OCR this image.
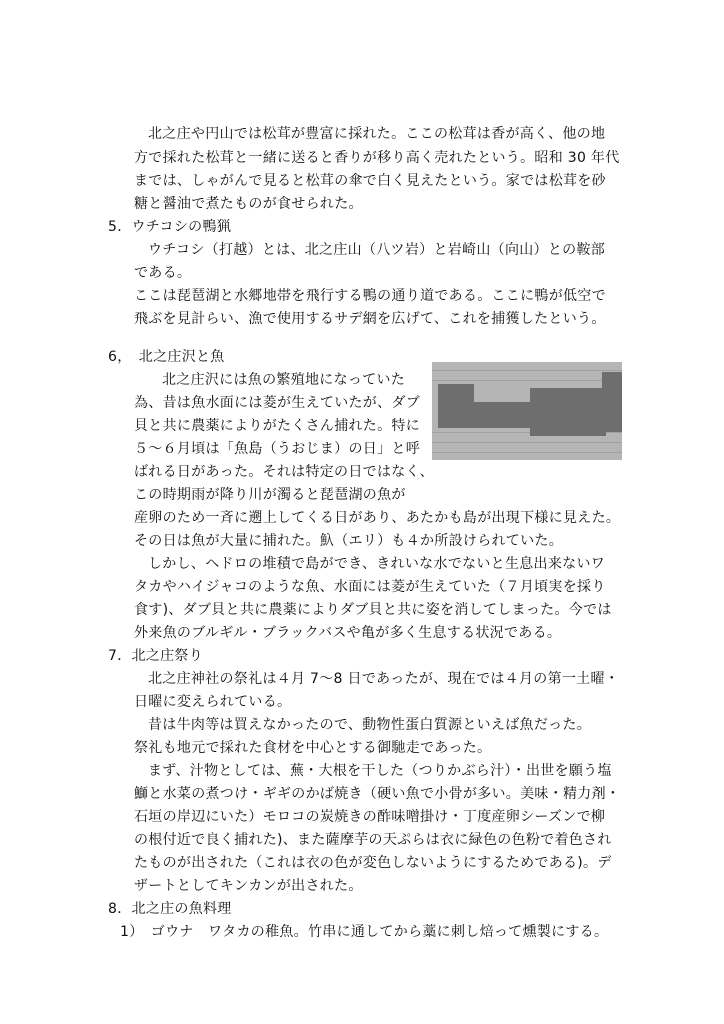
北之庄や円山では松茸が豊富に採れた。ここの松茸は香が高く、他の地
方で採れた松茸と一緒に送ると香りが移り高く売れたという。昭和 30 年代
までは、しゃがんで見ると松茸の傘で白く見えたという。家では松茸を砂
糖と醤油で煮たものが食せられた。
5．ウチコシの鴨猟
ウチコシ（打越）とは、北之庄山（八ツ岩）と岩崎山（向山）との鞍部
である。
ここは琵琶湖と水郷地帯を飛行する鴨の通り道である。ここに鴨が低空で
飛ぶを見計らい、漁で使用するサデ網を広げて、これを捕獲したという。
6，　北之庄沢と魚
北之庄沢には魚の繁殖地になっていた
為、昔は魚水面には菱が生えていたが、ダブ
貝と共に農薬によりがたくさん捕れた。特に
５～６月頃は「魚島（うおじま）の日」と呼
ばれる日があった。それは特定の日ではなく、
この時期雨が降り川が濁ると琵琶湖の魚が
産卵のため一斉に遡上してくる日があり、あたかも島が出現下様に見えた。
その日は魚が大量に捕れた。魞（エリ）も４か所設けられていた。
しかし、ヘドロの堆積で島ができ、きれいな水でないと生息出来ないワ
タカやハイジャコのような魚、水面には菱が生えていた（７月頃実を採り
食す)、ダブ貝と共に農薬によりダブ貝と共に姿を消してしまった。今では
外来魚のブルギル・ブラックバスや亀が多く生息する状況である。
7．北之庄祭り
北之庄神社の祭礼は４月 7～8 日であったが、現在では４月の第一土曜・
日曜に変えられている。
昔は牛肉等は買えなかったので、動物性蛋白質源といえば魚だった。
祭礼も地元で採れた食材を中心とする御馳走であった。
まず、汁物としては、蕪・大根を干した（つりかぶら汁）・出世を願う塩
鰤と水菜の煮つけ・ギギのかば焼き（硬い魚で小骨が多い。美味・精力剤・
石垣の岸辺にいた）モロコの炭焼きの酢味噌掛け・丁度産卵シーズンで柳
の根付近で良く捕れた)、また薩摩芋の天ぷらは衣に緑色の色粉で着色され
たものが出された（これは衣の色が変色しないようにするためである)。デ
ザートとしてキンカンが出された。
8．北之庄の魚料理
1）　ゴウナ　ワタカの稚魚。竹串に通してから藁に刺し焙って燻製にする。
